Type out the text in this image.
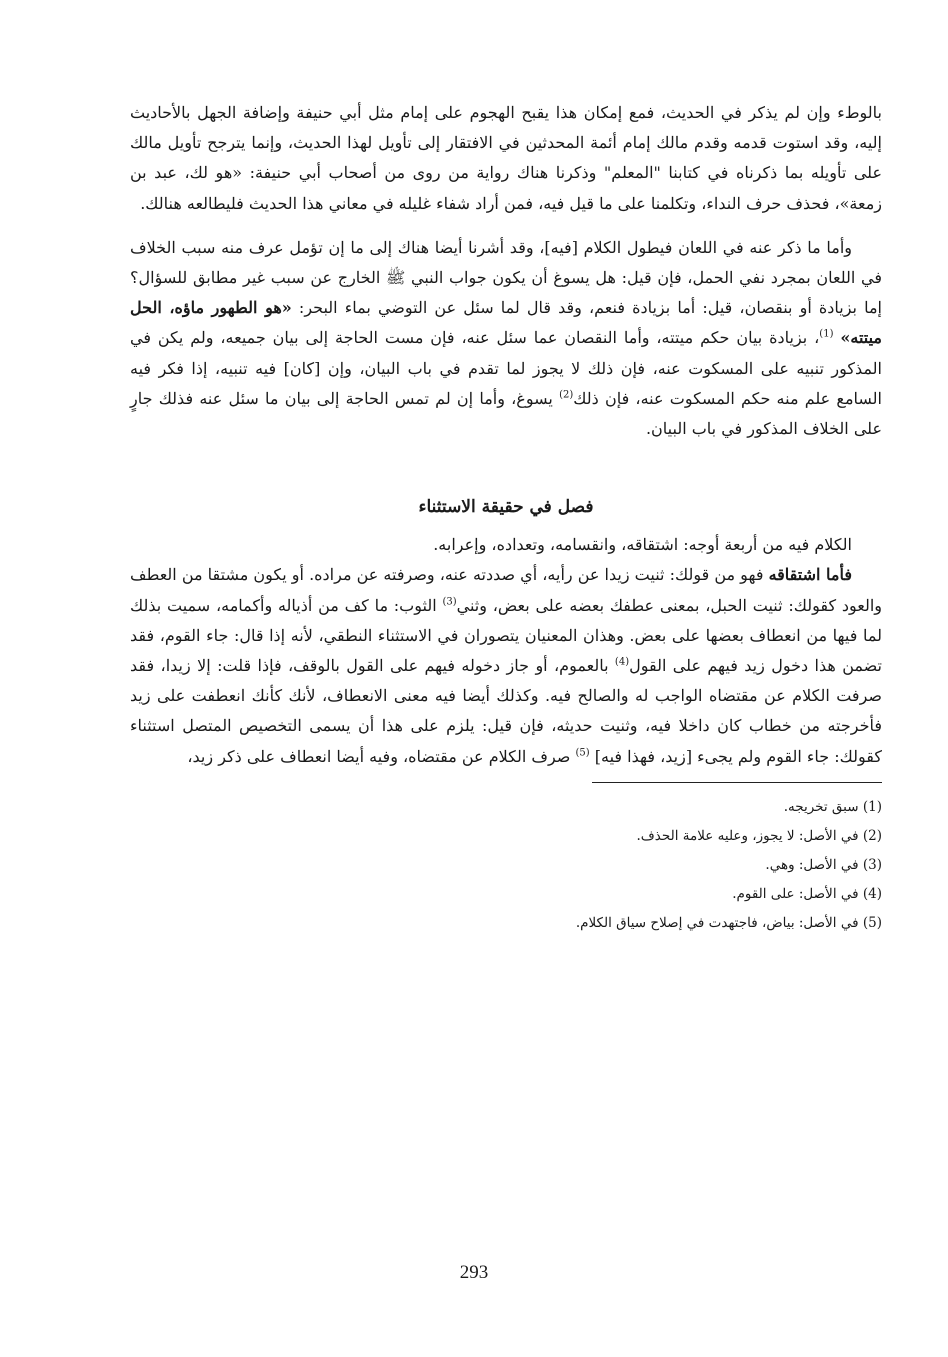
بالوطء وإن لم يذكر في الحديث، فمع إمكان هذا يقبح الهجوم على إمام مثل أبي حنيفة وإضافة الجهل بالأحاديث إليه، وقد استوت قدمه وقدم مالك إمام أئمة المحدثين في الافتقار إلى تأويل لهذا الحديث، وإنما يترجح تأويل مالك على تأويله بما ذكرناه في كتابنا "المعلم" وذكرنا هناك رواية من روى من أصحاب أبي حنيفة: «هو لك، عبد بن زمعة»، فحذف حرف النداء، وتكلمنا على ما قيل فيه، فمن أراد شفاء غليله في معاني هذا الحديث فليطالعه هنالك.

وأما ما ذكر عنه في اللعان فيطول الكلام [فيه]، وقد أشرنا أيضا هناك إلى ما إن تؤمل عرف منه سبب الخلاف في اللعان بمجرد نفي الحمل، فإن قيل: هل يسوغ أن يكون جواب النبي ﷺ الخارج عن سبب غير مطابق للسؤال؟ إما بزيادة أو بنقصان، قيل: أما بزيادة فنعم، وقد قال لما سئل عن التوضي بماء البحر: «هو الطهور ماؤه، الحل ميتته» $^{(1)}$، بزيادة بيان حكم ميتته، وأما النقصان عما سئل عنه، فإن مست الحاجة إلى بيان جميعه، ولم يكن في المذكور تنبيه على المسكوت عنه، فإن ذلك لا يجوز لما تقدم في باب البيان، وإن [كان] فيه تنبيه، إذا فكر فيه السامع علم منه حكم المسكوت عنه، فإن ذلك$^{(2)}$ يسوغ، وأما إن لم تمس الحاجة إلى بيان ما سئل عنه فذلك جارٍ على الخلاف المذكور في باب البيان.

فصل في حقيقة الاستثناء

الكلام فيه من أربعة أوجه: اشتقاقه، وانقسامه، وتعداده، وإعرابه.

فأما اشتقاقه فهو من قولك: ثنيت زيدا عن رأيه، أي صددته عنه، وصرفته عن مراده. أو يكون مشتقا من العطف والعود كقولك: ثنيت الحبل، بمعنى عطفك بعضه على بعض، وثني$^{(3)}$ الثوب: ما كف من أذياله وأكمامه، سميت بذلك لما فيها من انعطاف بعضها على بعض. وهذان المعنيان يتصوران في الاستثناء النطقي، لأنه إذا قال: جاء القوم، فقد تضمن هذا دخول زيد فيهم على القول$^{(4)}$ بالعموم، أو جاز دخوله فيهم على القول بالوقف، فإذا قلت: إلا زيدا، فقد صرفت الكلام عن مقتضاه الواجب له والصالح فيه. وكذلك أيضا فيه معنى الانعطاف، لأنك كأنك انعطفت على زيد فأخرجته من خطاب كان داخلا فيه، وثنيت حديثه، فإن قيل: يلزم على هذا أن يسمى التخصيص المتصل استثناء كقولك: جاء القوم ولم يجىء [زيد، فهذا فيه] $^{(5)}$ صرف الكلام عن مقتضاه، وفيه أيضا انعطاف على ذكر زيد،

(1) سبق تخريجه.
(2) في الأصل: لا يجوز، وعليه علامة الحذف.
(3) في الأصل: وهي.
(4) في الأصل: على القوم.
(5) في الأصل: بياض، فاجتهدت في إصلاح سياق الكلام.
293
